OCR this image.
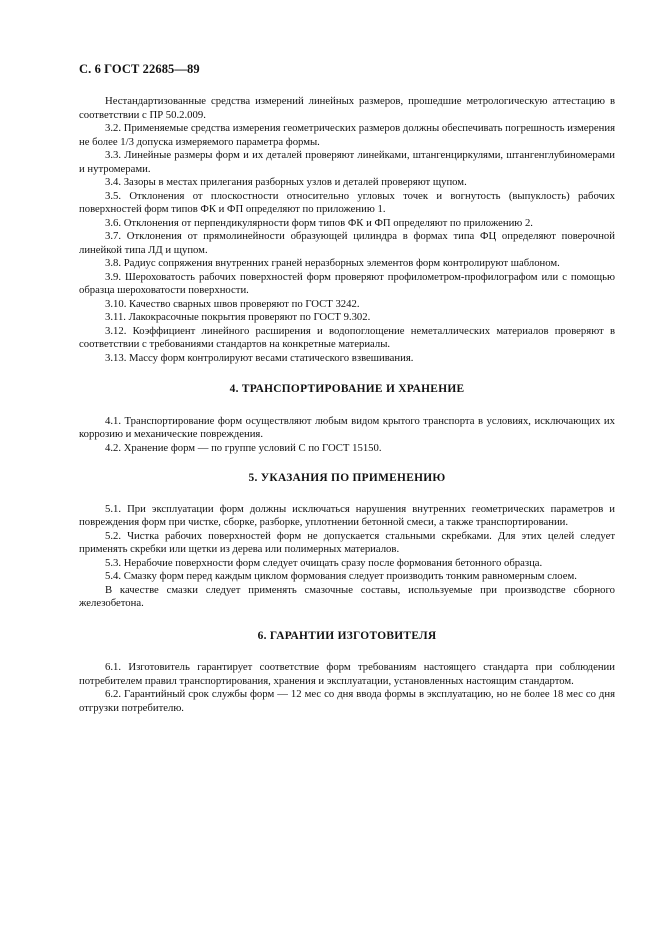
С. 6 ГОСТ 22685—89

Нестандартизованные средства измерений линейных размеров, прошедшие метрологическую аттестацию в соответствии с ПР 50.2.009.

3.2. Применяемые средства измерения геометрических размеров должны обеспечивать погрешность измерения не более 1/3 допуска измеряемого параметра формы.

3.3. Линейные размеры форм и их деталей проверяют линейками, штангенциркулями, штангенглубиномерами и нутромерами.

3.4. Зазоры в местах прилегания разборных узлов и деталей проверяют щупом.

3.5. Отклонения от плоскостности относительно угловых точек и вогнутость (выпуклость) рабочих поверхностей форм типов ФК и ФП определяют по приложению 1.

3.6. Отклонения от перпендикулярности форм типов ФК и ФП определяют по приложению 2.

3.7. Отклонения от прямолинейности образующей цилиндра в формах типа ФЦ определяют поверочной линейкой типа ЛД и щупом.

3.8. Радиус сопряжения внутренних граней неразборных элементов форм контролируют шаблоном.

3.9. Шероховатость рабочих поверхностей форм проверяют профилометром-профилографом или с помощью образца шероховатости поверхности.

3.10. Качество сварных швов проверяют по ГОСТ 3242.

3.11. Лакокрасочные покрытия проверяют по ГОСТ 9.302.

3.12. Коэффициент линейного расширения и водопоглощение неметаллических материалов проверяют в соответствии с требованиями стандартов на конкретные материалы.

3.13. Массу форм контролируют весами статического взвешивания.

4. ТРАНСПОРТИРОВАНИЕ И ХРАНЕНИЕ

4.1. Транспортирование форм осуществляют любым видом крытого транспорта в условиях, исключающих их коррозию и механические повреждения.

4.2. Хранение форм — по группе условий С по ГОСТ 15150.

5. УКАЗАНИЯ ПО ПРИМЕНЕНИЮ

5.1. При эксплуатации форм должны исключаться нарушения внутренних геометрических параметров и повреждения форм при чистке, сборке, разборке, уплотнении бетонной смеси, а также транспортировании.

5.2. Чистка рабочих поверхностей форм не допускается стальными скребками. Для этих целей следует применять скребки или щетки из дерева или полимерных материалов.

5.3. Нерабочие поверхности форм следует очищать сразу после формования бетонного образца.

5.4. Смазку форм перед каждым циклом формования следует производить тонким равномерным слоем.

В качестве смазки следует применять смазочные составы, используемые при производстве сборного железобетона.

6. ГАРАНТИИ ИЗГОТОВИТЕЛЯ

6.1. Изготовитель гарантирует соответствие форм требованиям настоящего стандарта при соблюдении потребителем правил транспортирования, хранения и эксплуатации, установленных настоящим стандартом.

6.2. Гарантийный срок службы форм — 12 мес со дня ввода формы в эксплуатацию, но не более 18 мес со дня отгрузки потребителю.
